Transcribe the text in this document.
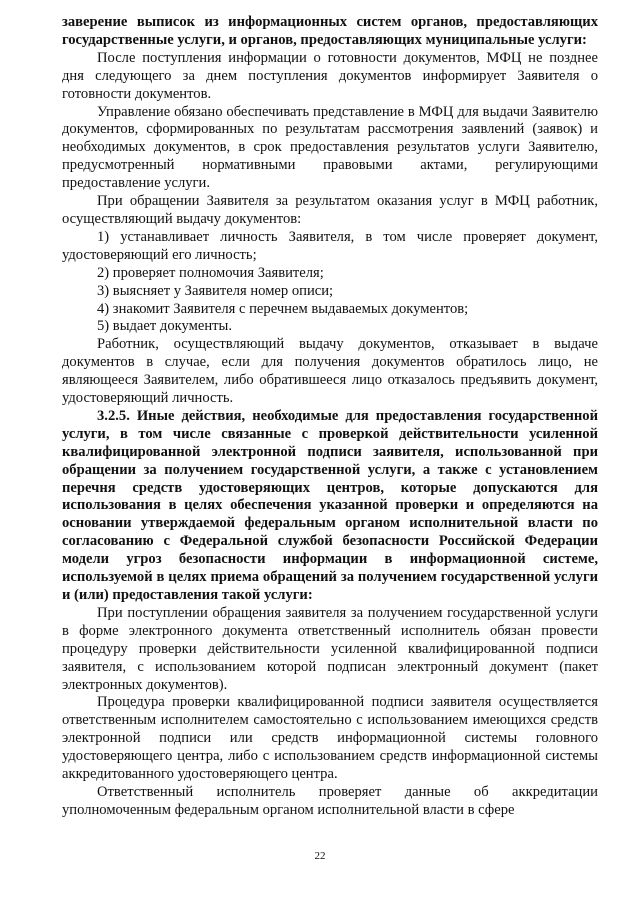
заверение выписок из информационных систем органов, предоставляющих государственные услуги, и органов, предоставляющих муниципальные услуги:

После поступления информации о готовности документов, МФЦ не позднее дня следующего за днем поступления документов информирует Заявителя о готовности документов.

Управление обязано обеспечивать представление в МФЦ для выдачи Заявителю документов, сформированных по результатам рассмотрения заявлений (заявок) и необходимых документов, в срок предоставления результатов услуги Заявителю, предусмотренный нормативными правовыми актами, регулирующими предоставление услуги.

При обращении Заявителя за результатом оказания услуг в МФЦ работник, осуществляющий выдачу документов:

1) устанавливает личность Заявителя, в том числе проверяет документ, удостоверяющий его личность;

2) проверяет полномочия Заявителя;

3) выясняет у Заявителя номер описи;

4) знакомит Заявителя с перечнем выдаваемых документов;

5) выдает документы.

Работник, осуществляющий выдачу документов, отказывает в выдаче документов в случае, если для получения документов обратилось лицо, не являющееся Заявителем, либо обратившееся лицо отказалось предъявить документ, удостоверяющий личность.

3.2.5. Иные действия, необходимые для предоставления государственной услуги, в том числе связанные с проверкой действительности усиленной квалифицированной электронной подписи заявителя, использованной при обращении за получением государственной услуги, а также с установлением перечня средств удостоверяющих центров, которые допускаются для использования в целях обеспечения указанной проверки и определяются на основании утверждаемой федеральным органом исполнительной власти по согласованию с Федеральной службой безопасности Российской Федерации модели угроз безопасности информации в информационной системе, используемой в целях приема обращений за получением государственной услуги и (или) предоставления такой услуги:

При поступлении обращения заявителя за получением государственной услуги в форме электронного документа ответственный исполнитель обязан провести процедуру проверки действительности усиленной квалифицированной подписи заявителя, с использованием которой подписан электронный документ (пакет электронных документов).

Процедура проверки квалифицированной подписи заявителя осуществляется ответственным исполнителем самостоятельно с использованием имеющихся средств электронной подписи или средств информационной системы головного удостоверяющего центра, либо с использованием средств информационной системы аккредитованного удостоверяющего центра.

Ответственный исполнитель проверяет данные об аккредитации уполномоченным федеральным органом исполнительной власти в сфере

22
